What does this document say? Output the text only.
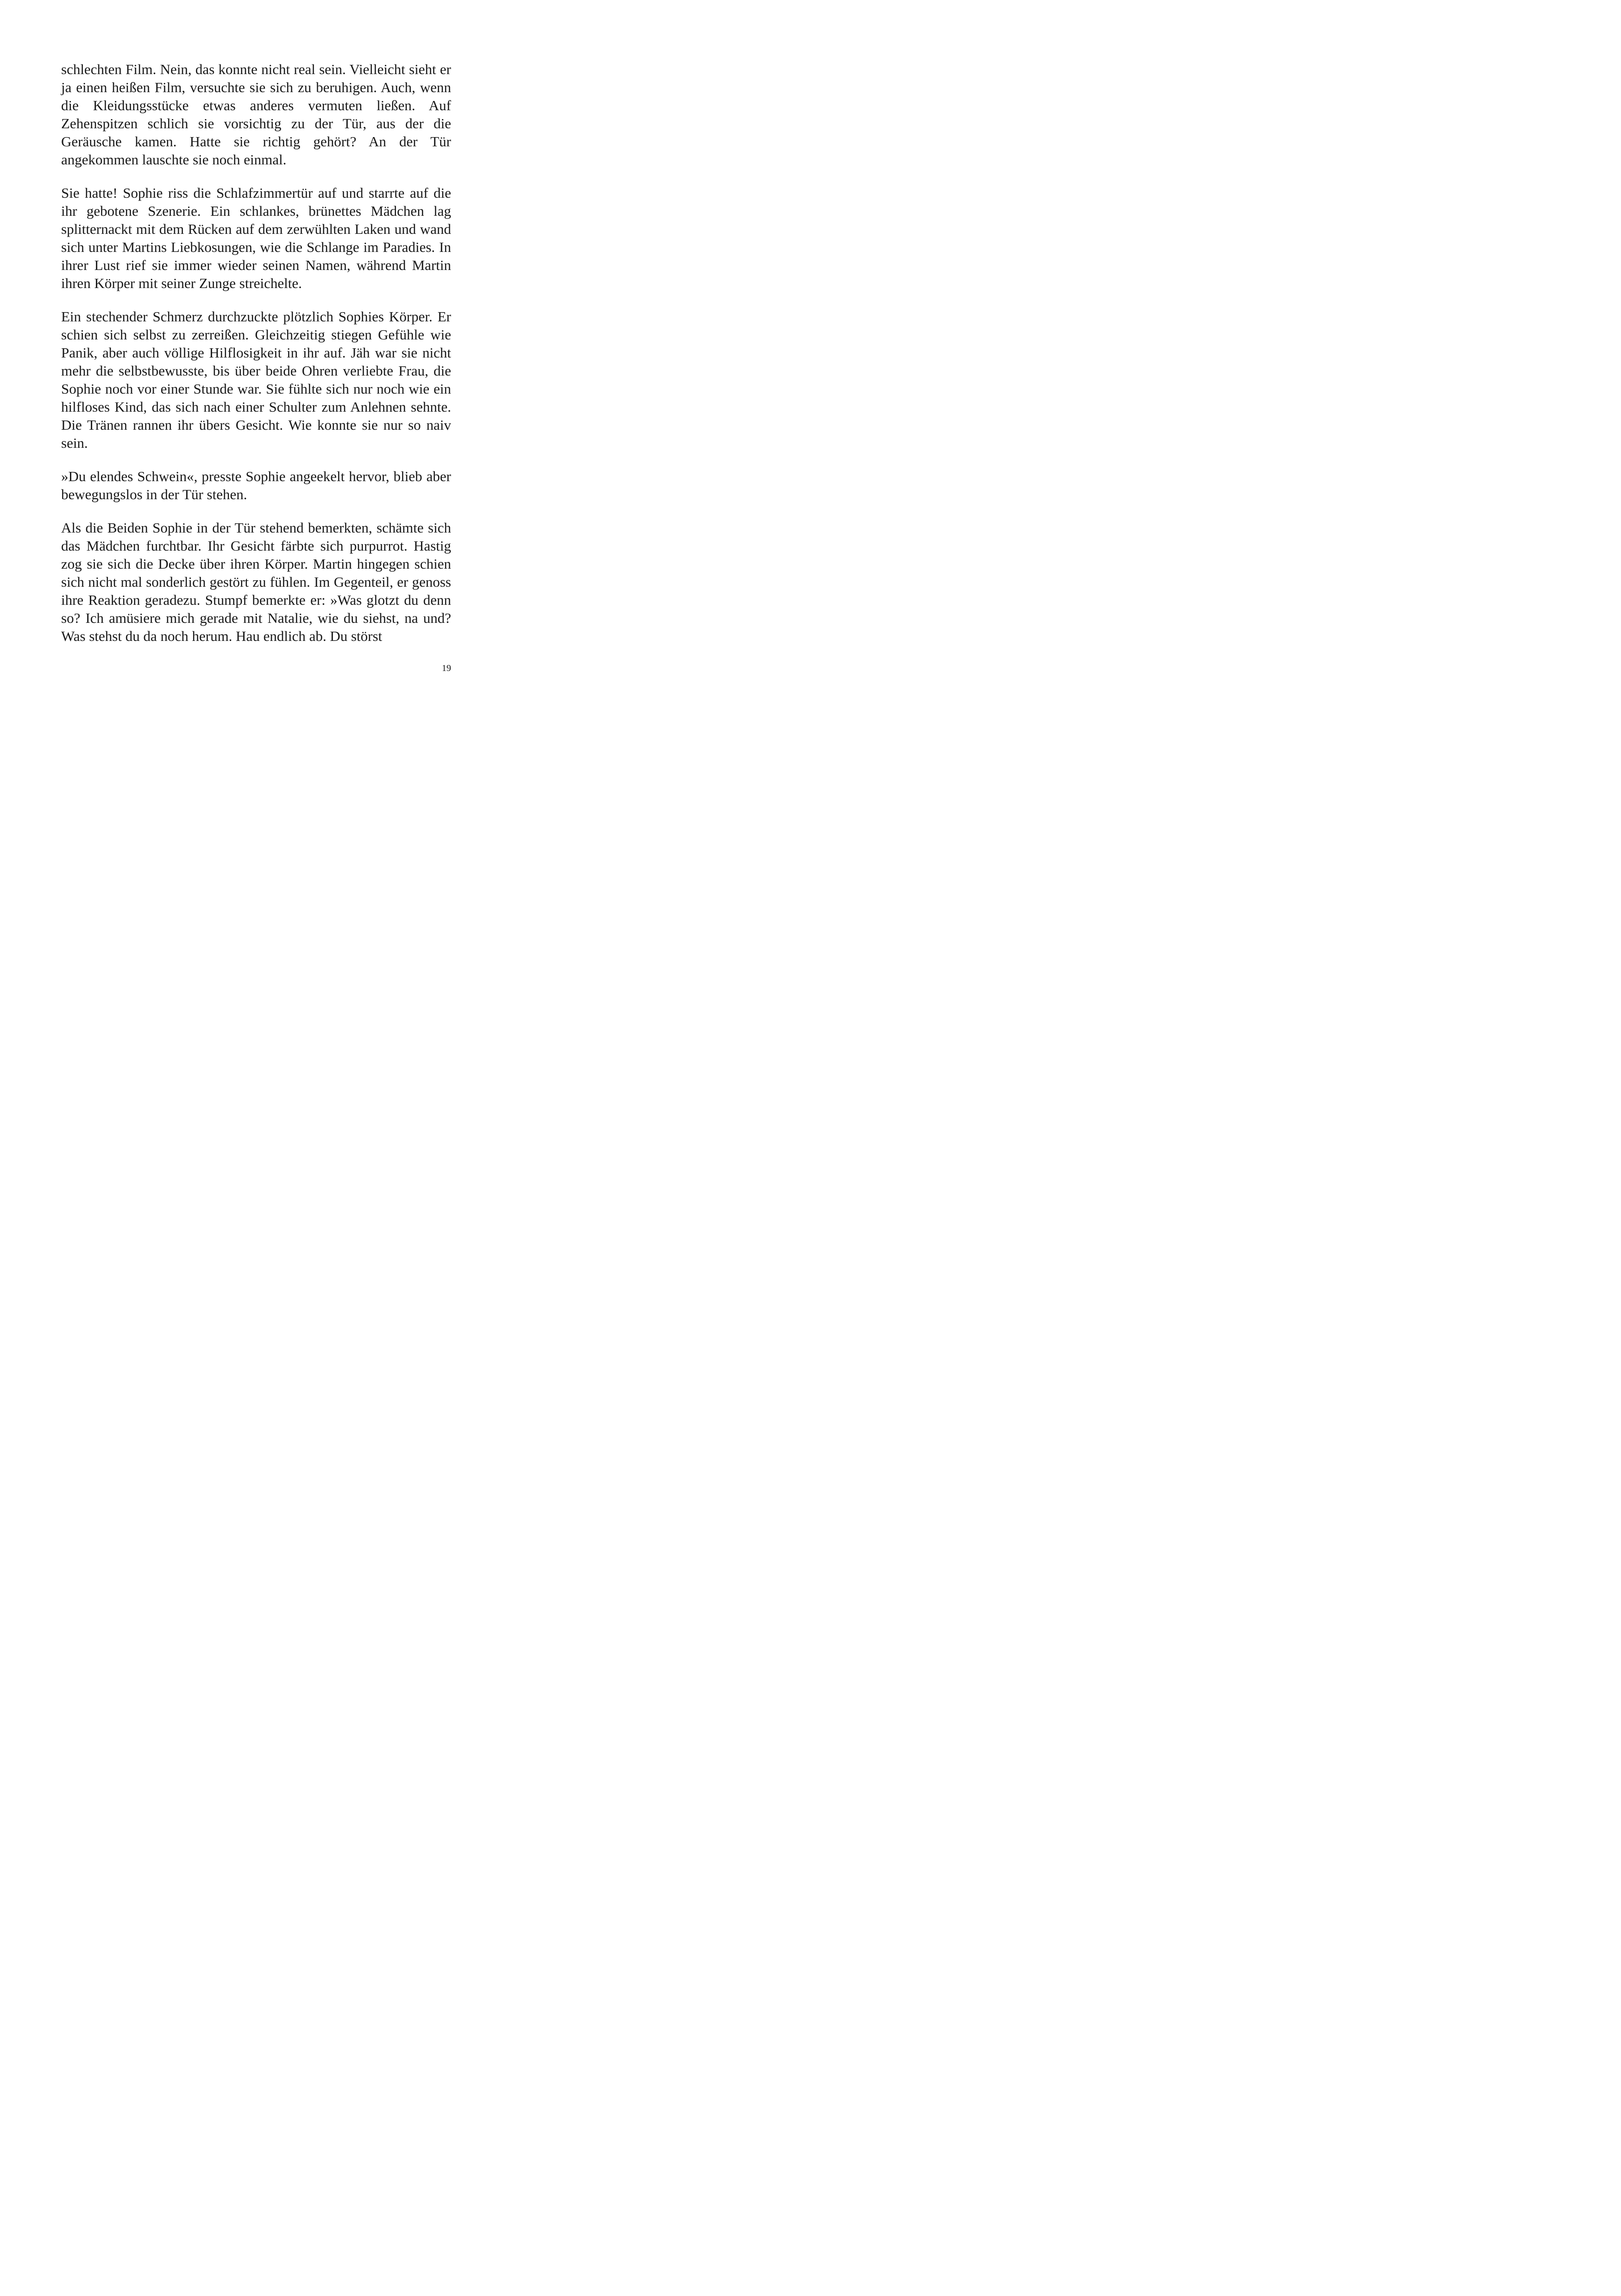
schlechten Film. Nein, das konnte nicht real sein. Vielleicht sieht er ja einen heißen Film, versuchte sie sich zu beruhigen. Auch, wenn die Kleidungsstücke etwas anderes vermuten ließen. Auf Zehenspitzen schlich sie vorsichtig zu der Tür, aus der die Geräusche kamen. Hatte sie richtig gehört? An der Tür angekommen lauschte sie noch einmal.

Sie hatte! Sophie riss die Schlafzimmertür auf und starrte auf die ihr gebotene Szenerie. Ein schlankes, brünettes Mädchen lag splitternackt mit dem Rücken auf dem zerwühlten Laken und wand sich unter Martins Liebkosungen, wie die Schlange im Paradies. In ihrer Lust rief sie immer wieder seinen Namen, während Martin ihren Körper mit seiner Zunge streichelte.

Ein stechender Schmerz durchzuckte plötzlich Sophies Körper. Er schien sich selbst zu zerreißen. Gleichzeitig stiegen Gefühle wie Panik, aber auch völlige Hilflosigkeit in ihr auf. Jäh war sie nicht mehr die selbstbewusste, bis über beide Ohren verliebte Frau, die Sophie noch vor einer Stunde war. Sie fühlte sich nur noch wie ein hilfloses Kind, das sich nach einer Schulter zum Anlehnen sehnte. Die Tränen rannen ihr übers Gesicht. Wie konnte sie nur so naiv sein.

»Du elendes Schwein«, presste Sophie angeekelt hervor, blieb aber bewegungslos in der Tür stehen.

Als die Beiden Sophie in der Tür stehend bemerkten, schämte sich das Mädchen furchtbar. Ihr Gesicht färbte sich purpurrot. Hastig zog sie sich die Decke über ihren Körper. Martin hingegen schien sich nicht mal sonderlich gestört zu fühlen. Im Gegenteil, er genoss ihre Reaktion geradezu. Stumpf bemerkte er: »Was glotzt du denn so? Ich amüsiere mich gerade mit Natalie, wie du siehst, na und? Was stehst du da noch herum. Hau endlich ab. Du störst

19
